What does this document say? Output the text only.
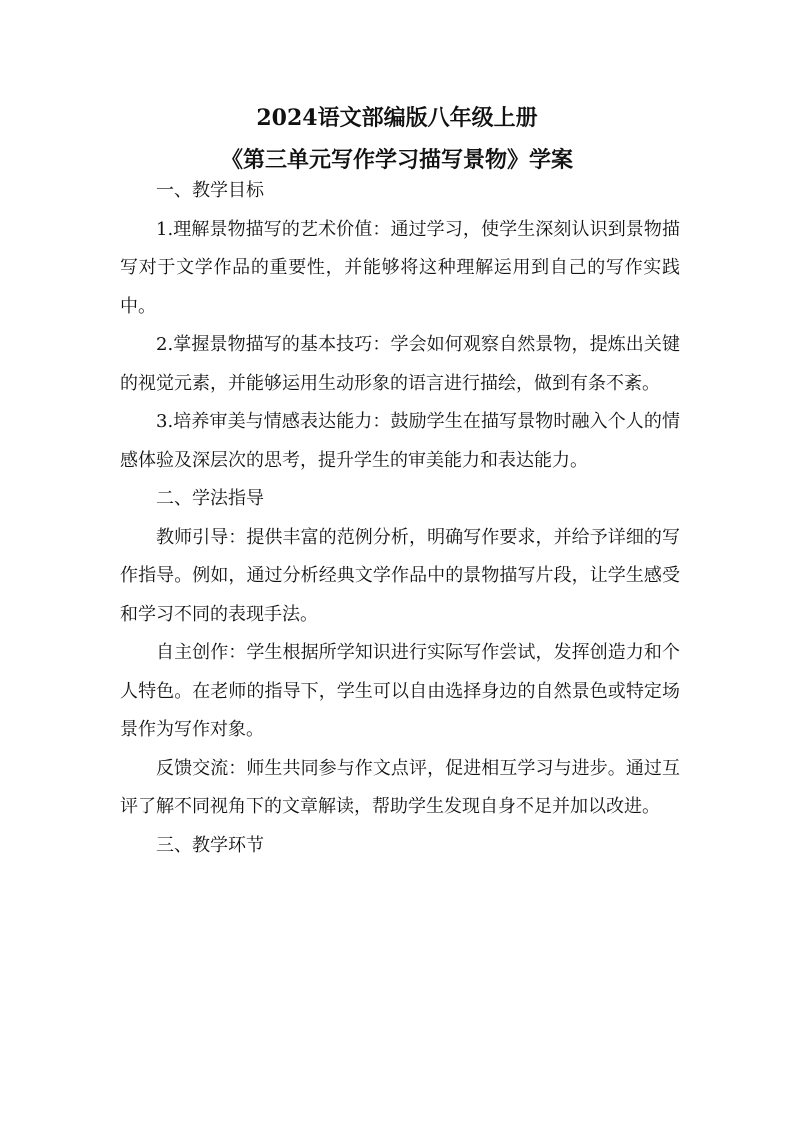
2024语文部编版八年级上册
《第三单元写作学习描写景物》学案

一、教学目标

1.理解景物描写的艺术价值：通过学习，使学生深刻认识到景物描写对于文学作品的重要性，并能够将这种理解运用到自己的写作实践中。

2.掌握景物描写的基本技巧：学会如何观察自然景物，提炼出关键的视觉元素，并能够运用生动形象的语言进行描绘，做到有条不紊。

3.培养审美与情感表达能力：鼓励学生在描写景物时融入个人的情感体验及深层次的思考，提升学生的审美能力和表达能力。

二、学法指导

教师引导：提供丰富的范例分析，明确写作要求，并给予详细的写作指导。例如，通过分析经典文学作品中的景物描写片段，让学生感受和学习不同的表现手法。

自主创作：学生根据所学知识进行实际写作尝试，发挥创造力和个人特色。在老师的指导下，学生可以自由选择身边的自然景色或特定场景作为写作对象。

反馈交流：师生共同参与作文点评，促进相互学习与进步。通过互评了解不同视角下的文章解读，帮助学生发现自身不足并加以改进。

三、教学环节
